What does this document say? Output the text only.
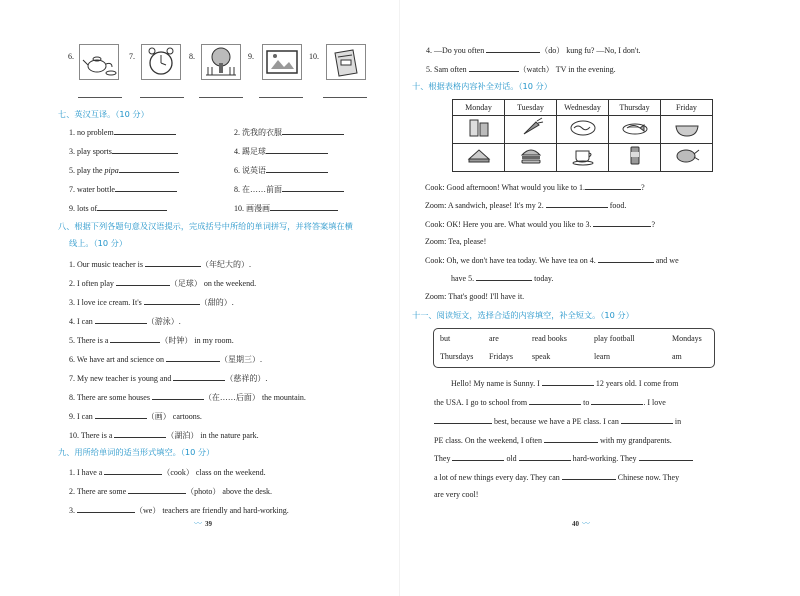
6.	7.	8.	9.	10.
七、英汉互译。（10 分）
1. no problem	2. 洗我的衣服
3. play sports	4. 踢足球
5. play the pipa	6. 说英语
7. water bottle	8. 在……前面
9. lots of	10. 画漫画
八、根据下列各题句意及汉语提示，完成括号中所给的单词拼写，并将答案填在横
线上。（10 分）
1. Our music teacher is	（年纪大的）.
2. I often play	（足球） on the weekend.
3. I love ice cream. It's	（甜的）.
4. I can	（游泳）.
5. There is a	（时钟） in my room.
6. We have art and science on	（星期三）.
7. My new teacher is young and	（慈祥的）.
8. There are some houses	（在……后面） the mountain.
9. I can	（画） cartoons.
10. There is a	（湖泊） in the nature park.
九、用所给单词的适当形式填空。（10 分）
1. I have a	（cook） class on the weekend.
2. There are some	（photo） above the desk.
3.	（we） teachers are friendly and hard-working.
〰 39
4. —Do you often	（do） kung fu? —No, I don't.
5. Sam often	（watch） TV in the evening.
十、根据表格内容补全对话。（10 分）
Monday	Tuesday	Wednesday	Thursday	Friday

Cook: Good afternoon! What would you like to 1.	?
Zoom: A sandwich, please! It's my 2.	food.
Cook: OK! Here you are. What would you like to 3.	?
Zoom: Tea, please!
Cook: Oh, we don't have tea today. We have tea on 4.	and we
have 5.	today.
Zoom: That's good! I'll have it.
十一、阅读短文，选择合适的内容填空，补全短文。（10 分）
but	are	read books	play football	Mondays
Thursdays Fridays speak	learn	am
Hello! My name is Sunny. I	12 years old. I come from
the USA. I go to school from	to	. I love
best, because we have a PE class. I can	in
PE class. On the weekend, I often	with my grandparents.
They	old	hard-working. They
a lot of new things every day. They can	Chinese now. They
are very cool!
40 〰
